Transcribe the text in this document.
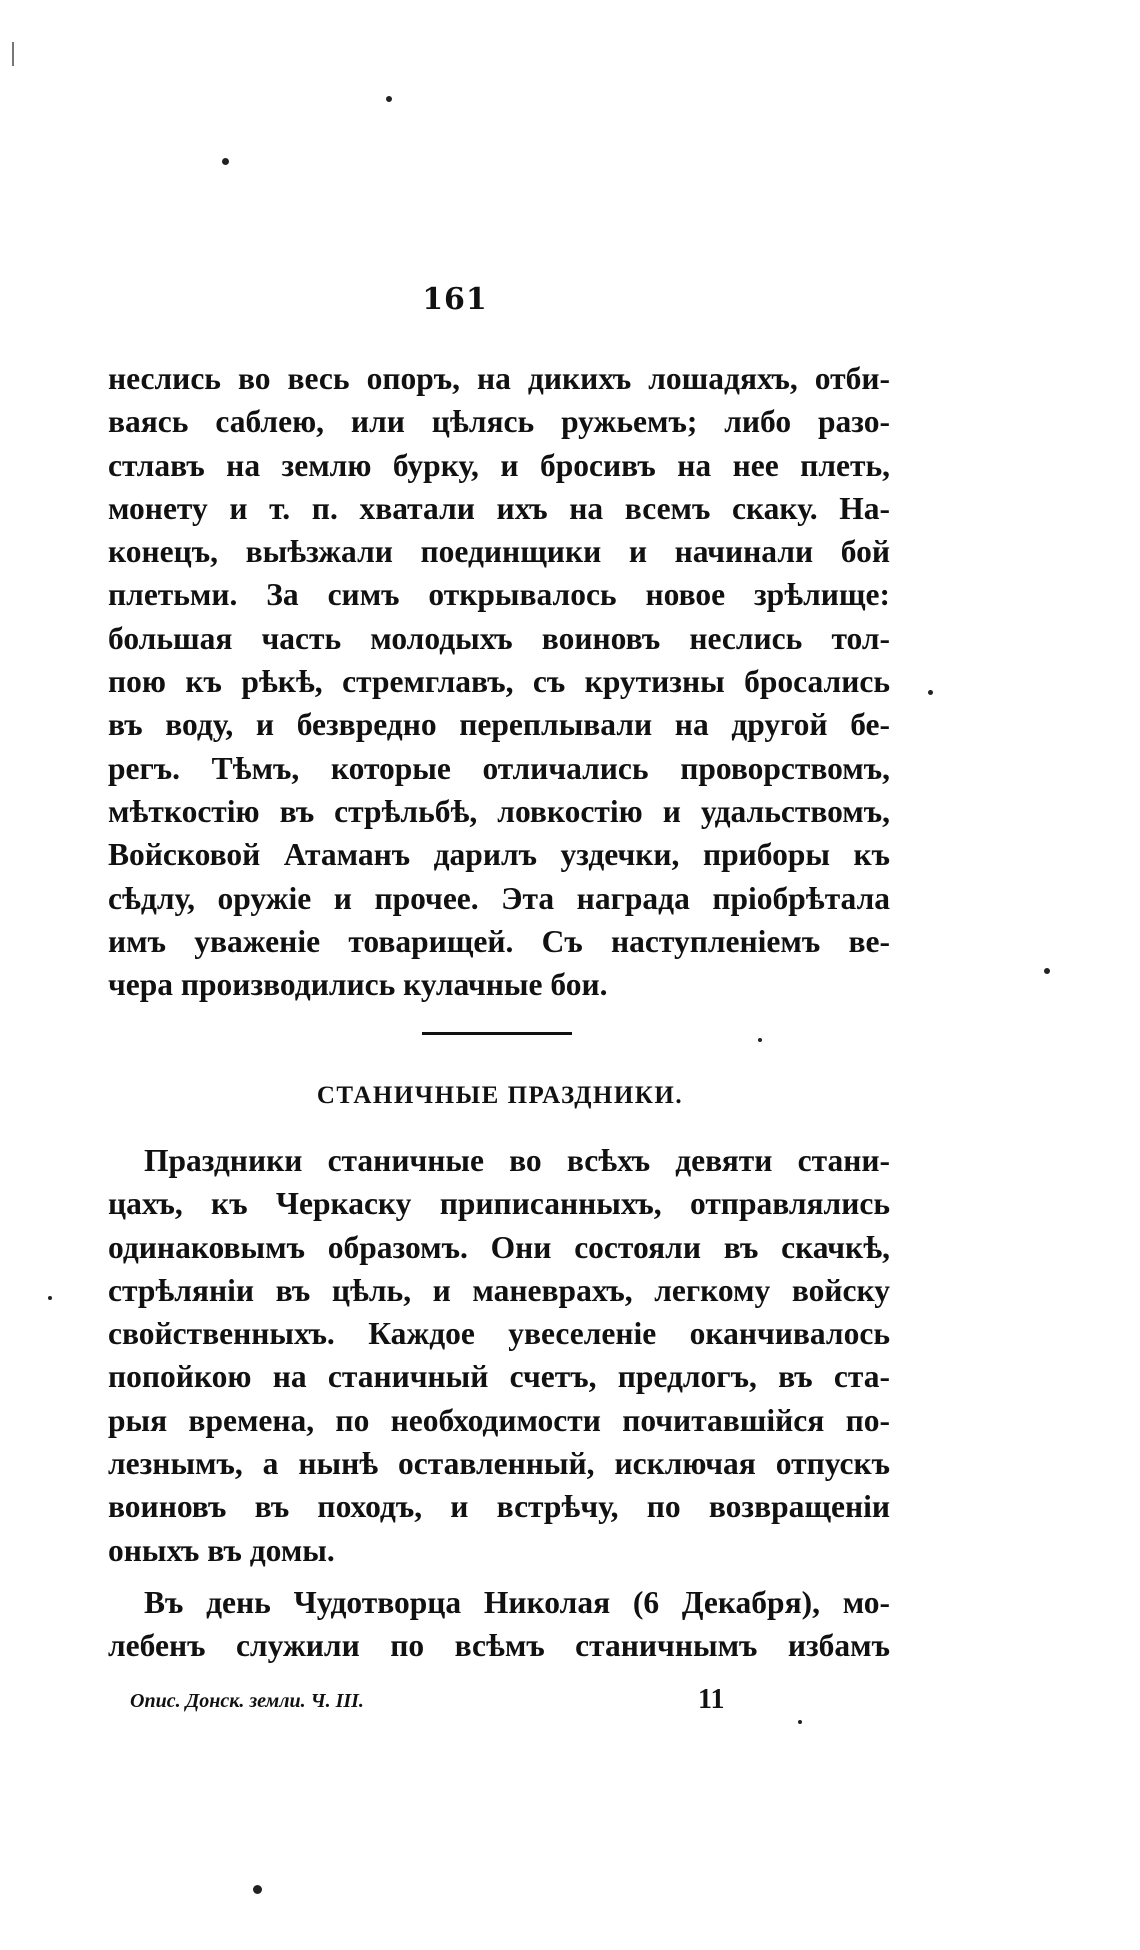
161
неслись во весь опоръ, на дикихъ лошадяхъ, отби-
ваясь саблею, или цѣлясь ружьемъ; либо разо-
стлавъ на землю бурку, и бросивъ на нее плеть,
монету и т. п. хватали ихъ на всемъ скаку. На-
конецъ, выѣзжали поединщики и начинали бой
плетьми. За симъ открывалось новое зрѣлище:
большая часть молодыхъ воиновъ неслись тол-
пою къ рѣкѣ, стремглавъ, съ крутизны бросались
въ воду, и безвредно переплывали на другой бе-
регъ. Тѣмъ, которые отличались проворствомъ,
мѣткостію въ стрѣльбѣ, ловкостію и удальствомъ,
Войсковой Атаманъ дарилъ уздечки, приборы къ
сѣдлу, оружіе и прочее. Эта награда пріобрѣтала
имъ уваженіе товарищей. Съ наступленіемъ ве-
чера производились кулачные бои.
СТАНИЧНЫЕ ПРАЗДНИКИ.
Праздники станичные во всѣхъ девяти стани-
цахъ, къ Черкаску приписанныхъ, отправлялись
одинаковымъ образомъ. Они состояли въ скачкѣ,
стрѣляніи въ цѣль, и маневрахъ, легкому войску
свойственныхъ. Каждое увеселеніе оканчивалось
попойкою на станичный счетъ, предлогъ, въ ста-
рыя времена, по необходимости почитавшійся по-
лезнымъ, а нынѣ оставленный, исключая отпускъ
воиновъ въ походъ, и встрѣчу, по возвращеніи
оныхъ въ домы.
Въ день Чудотворца Николая (6 Декабря), мо-
лебенъ служили по всѣмъ станичнымъ избамъ
Опис. Донск. земли. Ч. III.	11
